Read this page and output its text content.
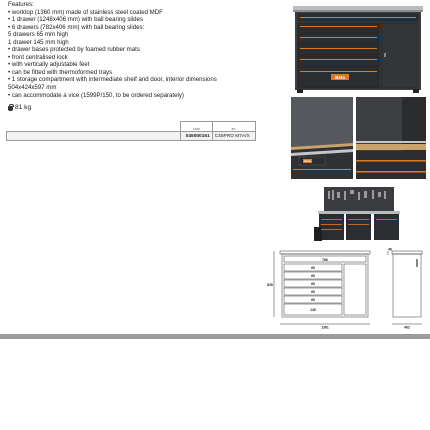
Features:
• worktop (1360 mm) made of stainless steel coated MDF
• 1 drawer (1248x406 mm) with ball bearing slides
• 6 drawers (782x406 mm) with ball bearing slides:
5 drawers 65 mm high
1 drawer 145 mm high
• drawer bases protected by foamed rubber mats
• front centralised lock
• with vertically adjustable feet
• can be fitted with thermoformed trays
• 1 storage compartment with intermediate shelf and door, interior dimensions
504x424x597 mm
• can accommodate a vice (1599P/150, to be ordered separately)
81 kg
	code	art.
	045000161	C45PRO M7A/X
Beta
Beta
766
65
65
65
65
65
145
845
1361
46
462
